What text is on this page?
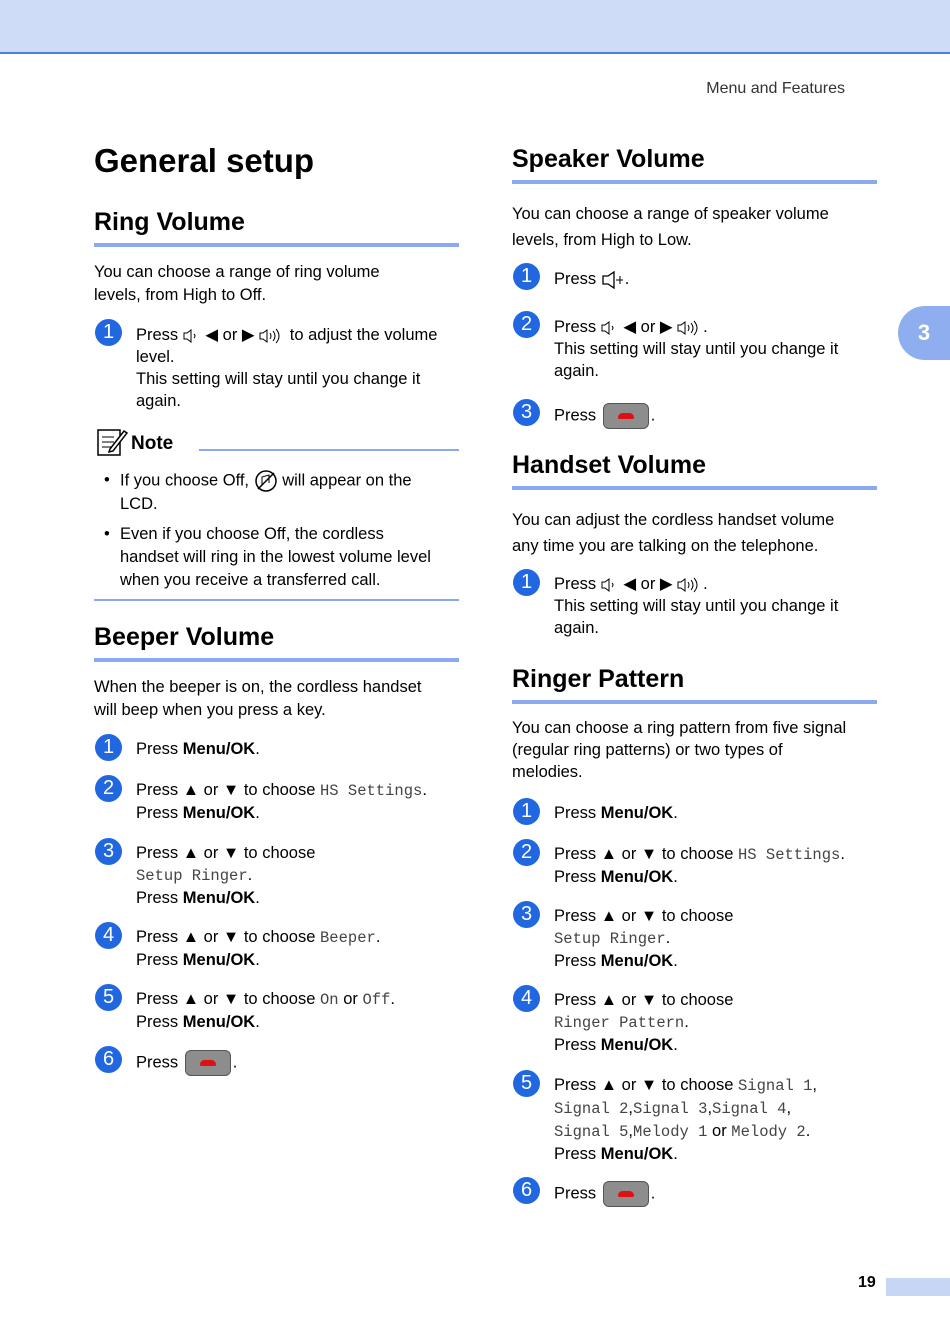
Menu and Features
3
General setup
Ring Volume
You can choose a range of ring volume
levels, from High to Off.
1	Press  ◀ or ▶  to adjust the volume
level.
This setting will stay until you change it
again.
Note
• If you choose Off, will appear on the
LCD.
• Even if you choose Off, the cordless
handset will ring in the lowest volume level
when you receive a transferred call.
Beeper Volume
When the beeper is on, the cordless handset
will beep when you press a key.
1	Press Menu/OK.
2	Press ▲ or ▼ to choose HS Settings.
Press Menu/OK.
3	Press ▲ or ▼ to choose
Setup Ringer.
Press Menu/OK.
4	Press ▲ or ▼ to choose Beeper.
Press Menu/OK.
5	Press ▲ or ▼ to choose On or Off.
Press Menu/OK.
6	Press	.
Speaker Volume
You can choose a range of speaker volume
levels, from High to Low.
1	Press .
2	Press  ◀ or ▶ .
This setting will stay until you change it
again.
3	Press	.
Handset Volume
You can adjust the cordless handset volume
any time you are talking on the telephone.
1	Press  ◀ or ▶ .
This setting will stay until you change it
again.
Ringer Pattern
You can choose a ring pattern from five signal
(regular ring patterns) or two types of
melodies.
1	Press Menu/OK.
2	Press ▲ or ▼ to choose HS Settings.
Press Menu/OK.
3	Press ▲ or ▼ to choose
Setup Ringer.
Press Menu/OK.
4	Press ▲ or ▼ to choose
Ringer Pattern.
Press Menu/OK.
5	Press ▲ or ▼ to choose Signal 1,
Signal 2,Signal 3,Signal 4,
Signal 5,Melody 1 or Melody 2.
Press Menu/OK.
6	Press	.
19
